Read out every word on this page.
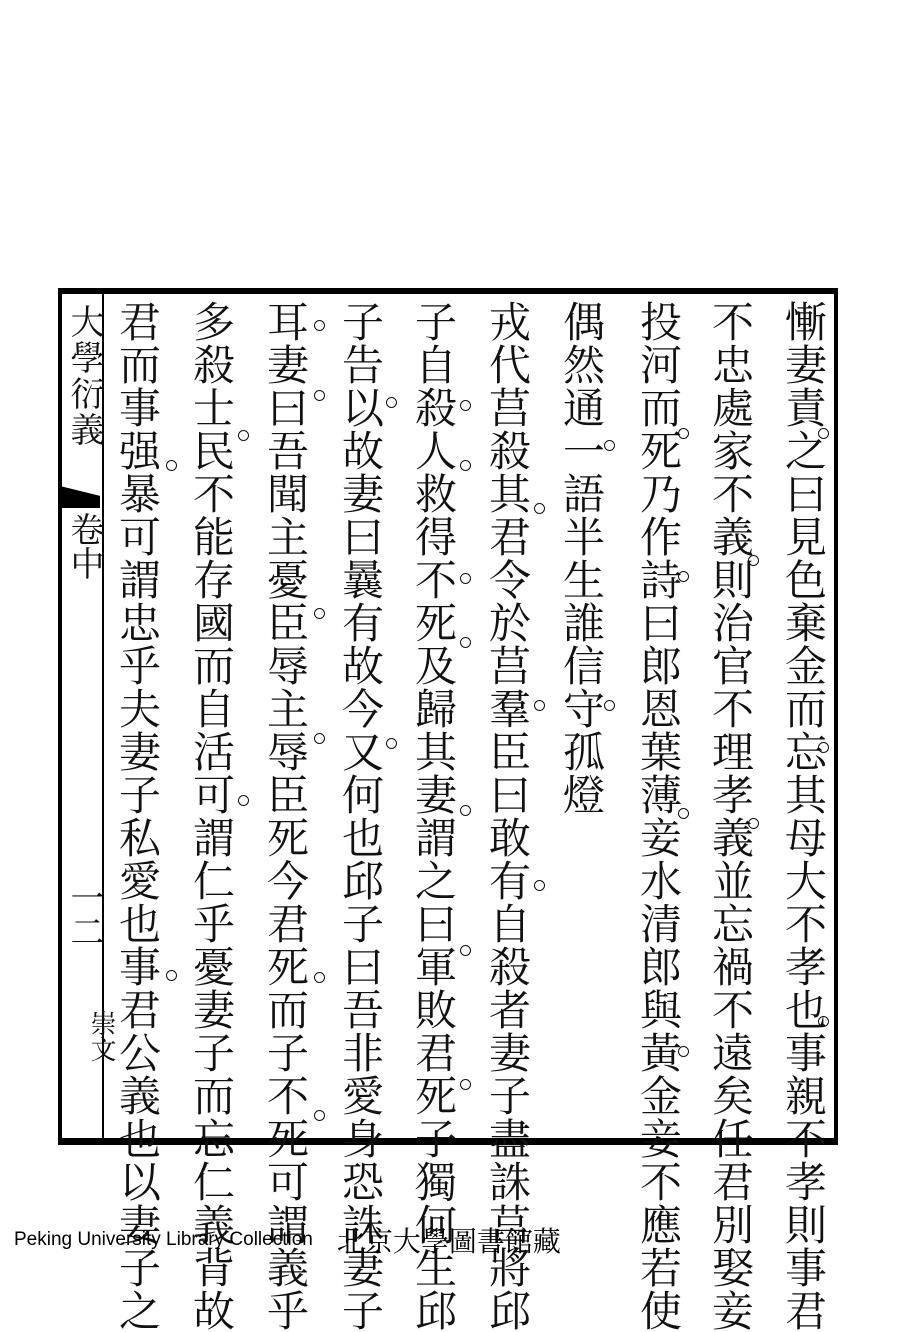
大學衍義
卷中
一二
崇文	慚妻責之曰見色棄金而忘其母大不孝也事親不孝則事君
不忠處家不義則治官不理孝義並忘禍不遠矣任君別娶妾
投河而死乃作詩曰郎恩葉薄妾水清郎與黃金妾不應若使
偶然通一語半生誰信守孤燈
戎代莒殺其君令於莒羣臣曰敢有自殺者妻子盡誅莒將邱
子自殺人救得不死及歸其妻謂之曰軍敗君死子獨何生邱
子告以故妻曰曩有故今又何也邱子曰吾非愛身恐誅妻子
耳妻曰吾聞主憂臣辱主辱臣死今君死而子不死可謂義乎
多殺士民不能存國而自活可謂仁乎憂妻子而忘仁義背故
君而事强暴可謂忠乎夫妻子私愛也事君公義也以妻子之
Peking University Library Collection 北京大學圖書館藏
